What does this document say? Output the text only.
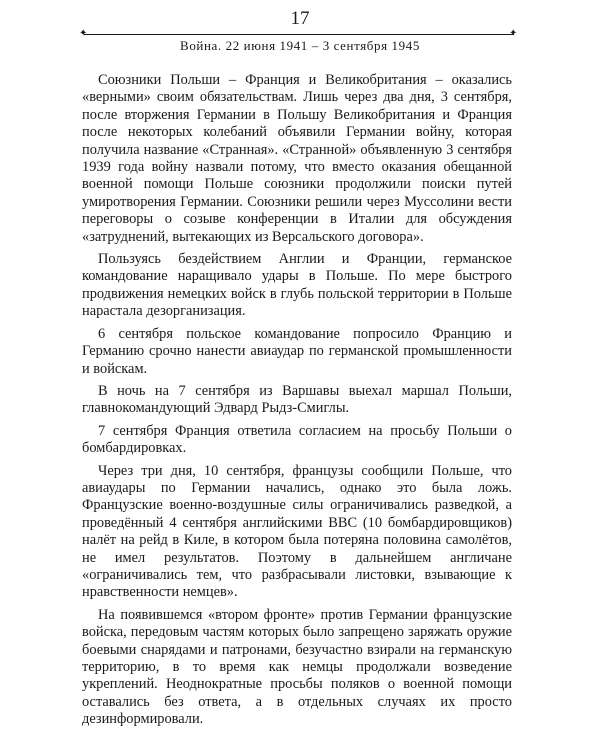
17
✦	✦
Война. 22 июня 1941 – 3 сентября 1945

Союзники Польши – Франция и Великобритания – оказались «верными» своим обязательствам. Лишь через два дня, 3 сентября, после вторжения Германии в Польшу Великобритания и Франция после некоторых колебаний объявили Германии войну, которая получила название «Странная». «Странной» объявленную 3 сентября 1939 года войну назвали потому, что вместо оказания обещанной военной помощи Польше союзники продолжили поиски путей умиротворения Германии. Союзники решили через Муссолини вести переговоры о созыве конференции в Италии для обсуждения «затруднений, вытекающих из Версальского договора».

Пользуясь бездействием Англии и Франции, германское командование наращивало удары в Польше. По мере быстрого продвижения немецких войск в глубь польской территории в Польше нарастала дезорганизация.

6 сентября польское командование попросило Францию и Германию срочно нанести авиаудар по германской промышленности и войскам.

В ночь на 7 сентября из Варшавы выехал маршал Польши, главнокомандующий Эдвард Рыдз-Смиглы.

7 сентября Франция ответила согласием на просьбу Польши о бомбардировках.

Через три дня, 10 сентября, французы сообщили Польше, что авиаудары по Германии начались, однако это была ложь. Французские военно-воздушные силы ограничивались разведкой, а проведённый 4 сентября английскими ВВС (10 бомбардировщиков) налёт на рейд в Киле, в котором была потеряна половина самолётов, не имел результатов. Поэтому в дальнейшем англичане «ограничивались тем, что разбрасывали листовки, взывающие к нравственности немцев».

На появившемся «втором фронте» против Германии французские войска, передовым частям которых было запрещено заряжать оружие боевыми снарядами и патронами, безучастно взирали на германскую территорию, в то время как немцы продолжали возведение укреплений. Неоднократные просьбы поляков о военной помощи оставались без ответа, а в отдельных случаях их просто дезинформировали.
